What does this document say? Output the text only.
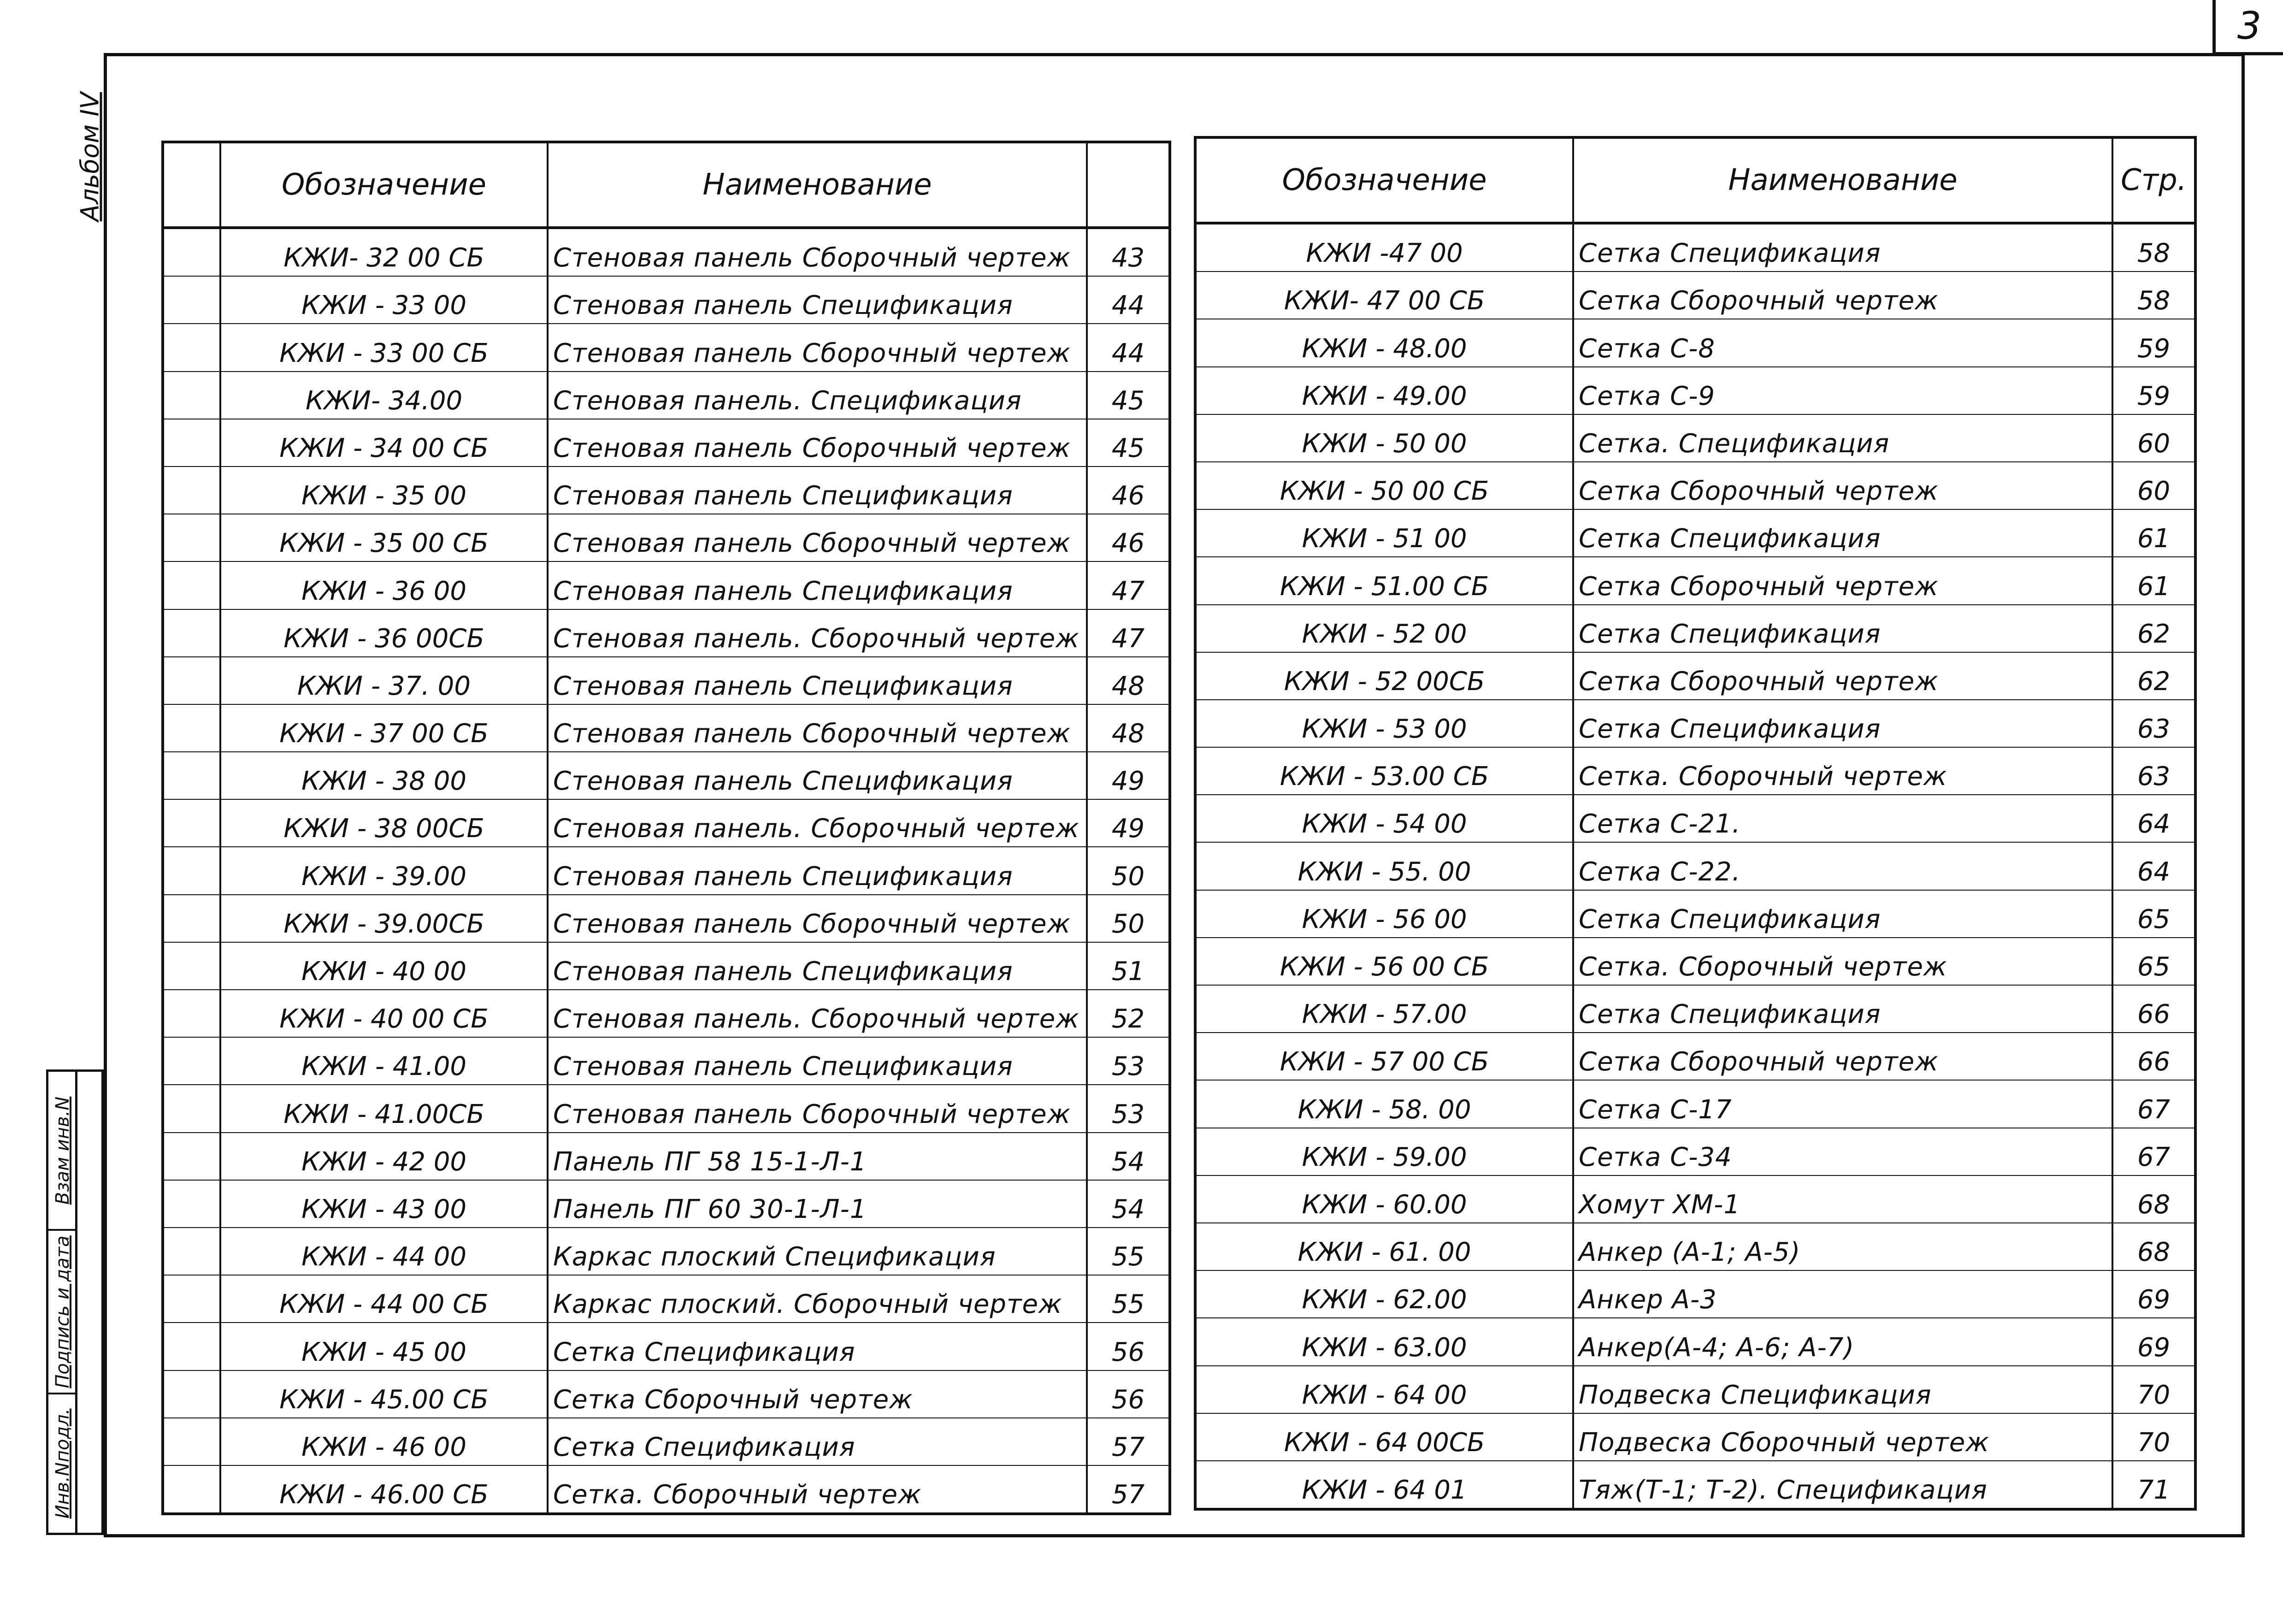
3
Альбом IV
Взам инв.N
Подпись и дата
Инв.Nподл.
	Обозначение	Наименование	
	КЖИ- 32 00 СБ	Стеновая панель Сборочный чертеж	43
	КЖИ - 33 00	Стеновая панель Спецификация	44
	КЖИ - 33 00 СБ	Стеновая панель Сборочный чертеж	44
	КЖИ- 34.00	Стеновая панель. Спецификация	45
	КЖИ - 34 00 СБ	Стеновая панель Сборочный чертеж	45
	КЖИ - 35 00	Стеновая панель Спецификация	46
	КЖИ - 35 00 СБ	Стеновая панель Сборочный чертеж	46
	КЖИ - 36 00	Стеновая панель Спецификация	47
	КЖИ - 36 00СБ	Стеновая панель. Сборочный чертеж	47
	КЖИ - 37. 00	Стеновая панель Спецификация	48
	КЖИ - 37 00 СБ	Стеновая панель Сборочный чертеж	48
	КЖИ - 38 00	Стеновая панель Спецификация	49
	КЖИ - 38 00СБ	Стеновая панель. Сборочный чертеж	49
	КЖИ - 39.00	Стеновая панель Спецификация	50
	КЖИ - 39.00СБ	Стеновая панель Сборочный чертеж	50
	КЖИ - 40 00	Стеновая панель Спецификация	51
	КЖИ - 40 00 СБ	Стеновая панель. Сборочный чертеж	52
	КЖИ - 41.00	Стеновая панель Спецификация	53
	КЖИ - 41.00СБ	Стеновая панель Сборочный чертеж	53
	КЖИ - 42 00	Панель ПГ 58 15-1-Л-1	54
	КЖИ - 43 00	Панель ПГ 60 30-1-Л-1	54
	КЖИ - 44 00	Каркас плоский Спецификация	55
	КЖИ - 44 00 СБ	Каркас плоский. Сборочный чертеж	55
	КЖИ - 45 00	Сетка Спецификация	56
	КЖИ - 45.00 СБ	Сетка Сборочный чертеж	56
	КЖИ - 46 00	Сетка Спецификация	57
	КЖИ - 46.00 СБ	Сетка. Сборочный чертеж	57
Обозначение	Наименование	Стр.
КЖИ -47 00	Сетка Спецификация	58
КЖИ- 47 00 СБ	Сетка Сборочный чертеж	58
КЖИ - 48.00	Сетка С-8	59
КЖИ - 49.00	Сетка С-9	59
КЖИ - 50 00	Сетка. Спецификация	60
КЖИ - 50 00 СБ	Сетка Сборочный чертеж	60
КЖИ - 51 00	Сетка Спецификация	61
КЖИ - 51.00 СБ	Сетка Сборочный чертеж	61
КЖИ - 52 00	Сетка Спецификация	62
КЖИ - 52 00СБ	Сетка Сборочный чертеж	62
КЖИ - 53 00	Сетка Спецификация	63
КЖИ - 53.00 СБ	Сетка. Сборочный чертеж	63
КЖИ - 54 00	Сетка С-21.	64
КЖИ - 55. 00	Сетка С-22.	64
КЖИ - 56 00	Сетка Спецификация	65
КЖИ - 56 00 СБ	Сетка. Сборочный чертеж	65
КЖИ - 57.00	Сетка Спецификация	66
КЖИ - 57 00 СБ	Сетка Сборочный чертеж	66
КЖИ - 58. 00	Сетка С-17	67
КЖИ - 59.00	Сетка С-34	67
КЖИ - 60.00	Хомут ХМ-1	68
КЖИ - 61. 00	Анкер (А-1; А-5)	68
КЖИ - 62.00	Анкер А-3	69
КЖИ - 63.00	Анкер(А-4; А-6; А-7)	69
КЖИ - 64 00	Подвеска Спецификация	70
КЖИ - 64 00СБ	Подвеска Сборочный чертеж	70
КЖИ - 64 01	Тяж(Т-1; Т-2). Спецификация	71
